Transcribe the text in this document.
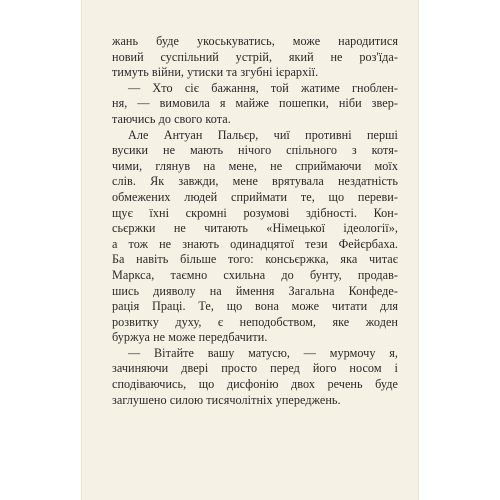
жань буде укоськуватись, може народитися
новий суспільний устрій, який не роз'їда-
тимуть війни, утиски та згубні ієрархії.
— Хто сіє бажання, той жатиме гноблен-
ня, — вимовила я майже пошепки, ніби звер-
таючись до свого кота.
Але Антуан Пальєр, чиї противні перші
вусики не мають нічого спільного з котя-
чими, глянув на мене, не сприймаючи моїх
слів. Як завжди, мене врятувала нездатність
обмежених людей сприймати те, що переви-
щує їхні скромні розумові здібності. Кон-
сьєржки не читають «Німецької ідеології»,
а тож не знають одинадцятої тези Фейєрбаха.
Ба навіть більше того: консьєржка, яка читає
Маркса, таємно схильна до бунту, продав-
шись дияволу на ймення Загальна Конфеде-
рація Праці. Те, що вона може читати для
розвитку духу, є неподобством, яке жоден
буржуа не може передбачити.
— Вітайте вашу матусю, — мурмочу я,
зачиняючи двері просто перед його носом і
сподіваючись, що дисфонію двох речень буде
заглушено силою тисячолітніх упереджень.
